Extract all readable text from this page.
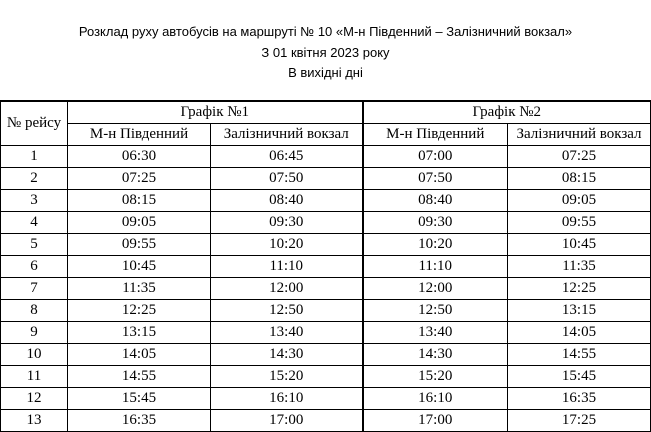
Розклад руху автобусів на маршруті № 10 «М-н Південний – Залізничний вокзал»
З 01 квітня 2023 року
В вихідні дні
№ рейсу	Графік №1		Графік №2	
	М-н Південний	Залізничний вокзал	М-н Південний	Залізничний вокзал
1	06:30	06:45	07:00	07:25
2	07:25	07:50	07:50	08:15
3	08:15	08:40	08:40	09:05
4	09:05	09:30	09:30	09:55
5	09:55	10:20	10:20	10:45
6	10:45	11:10	11:10	11:35
7	11:35	12:00	12:00	12:25
8	12:25	12:50	12:50	13:15
9	13:15	13:40	13:40	14:05
10	14:05	14:30	14:30	14:55
11	14:55	15:20	15:20	15:45
12	15:45	16:10	16:10	16:35
13	16:35	17:00	17:00	17:25
